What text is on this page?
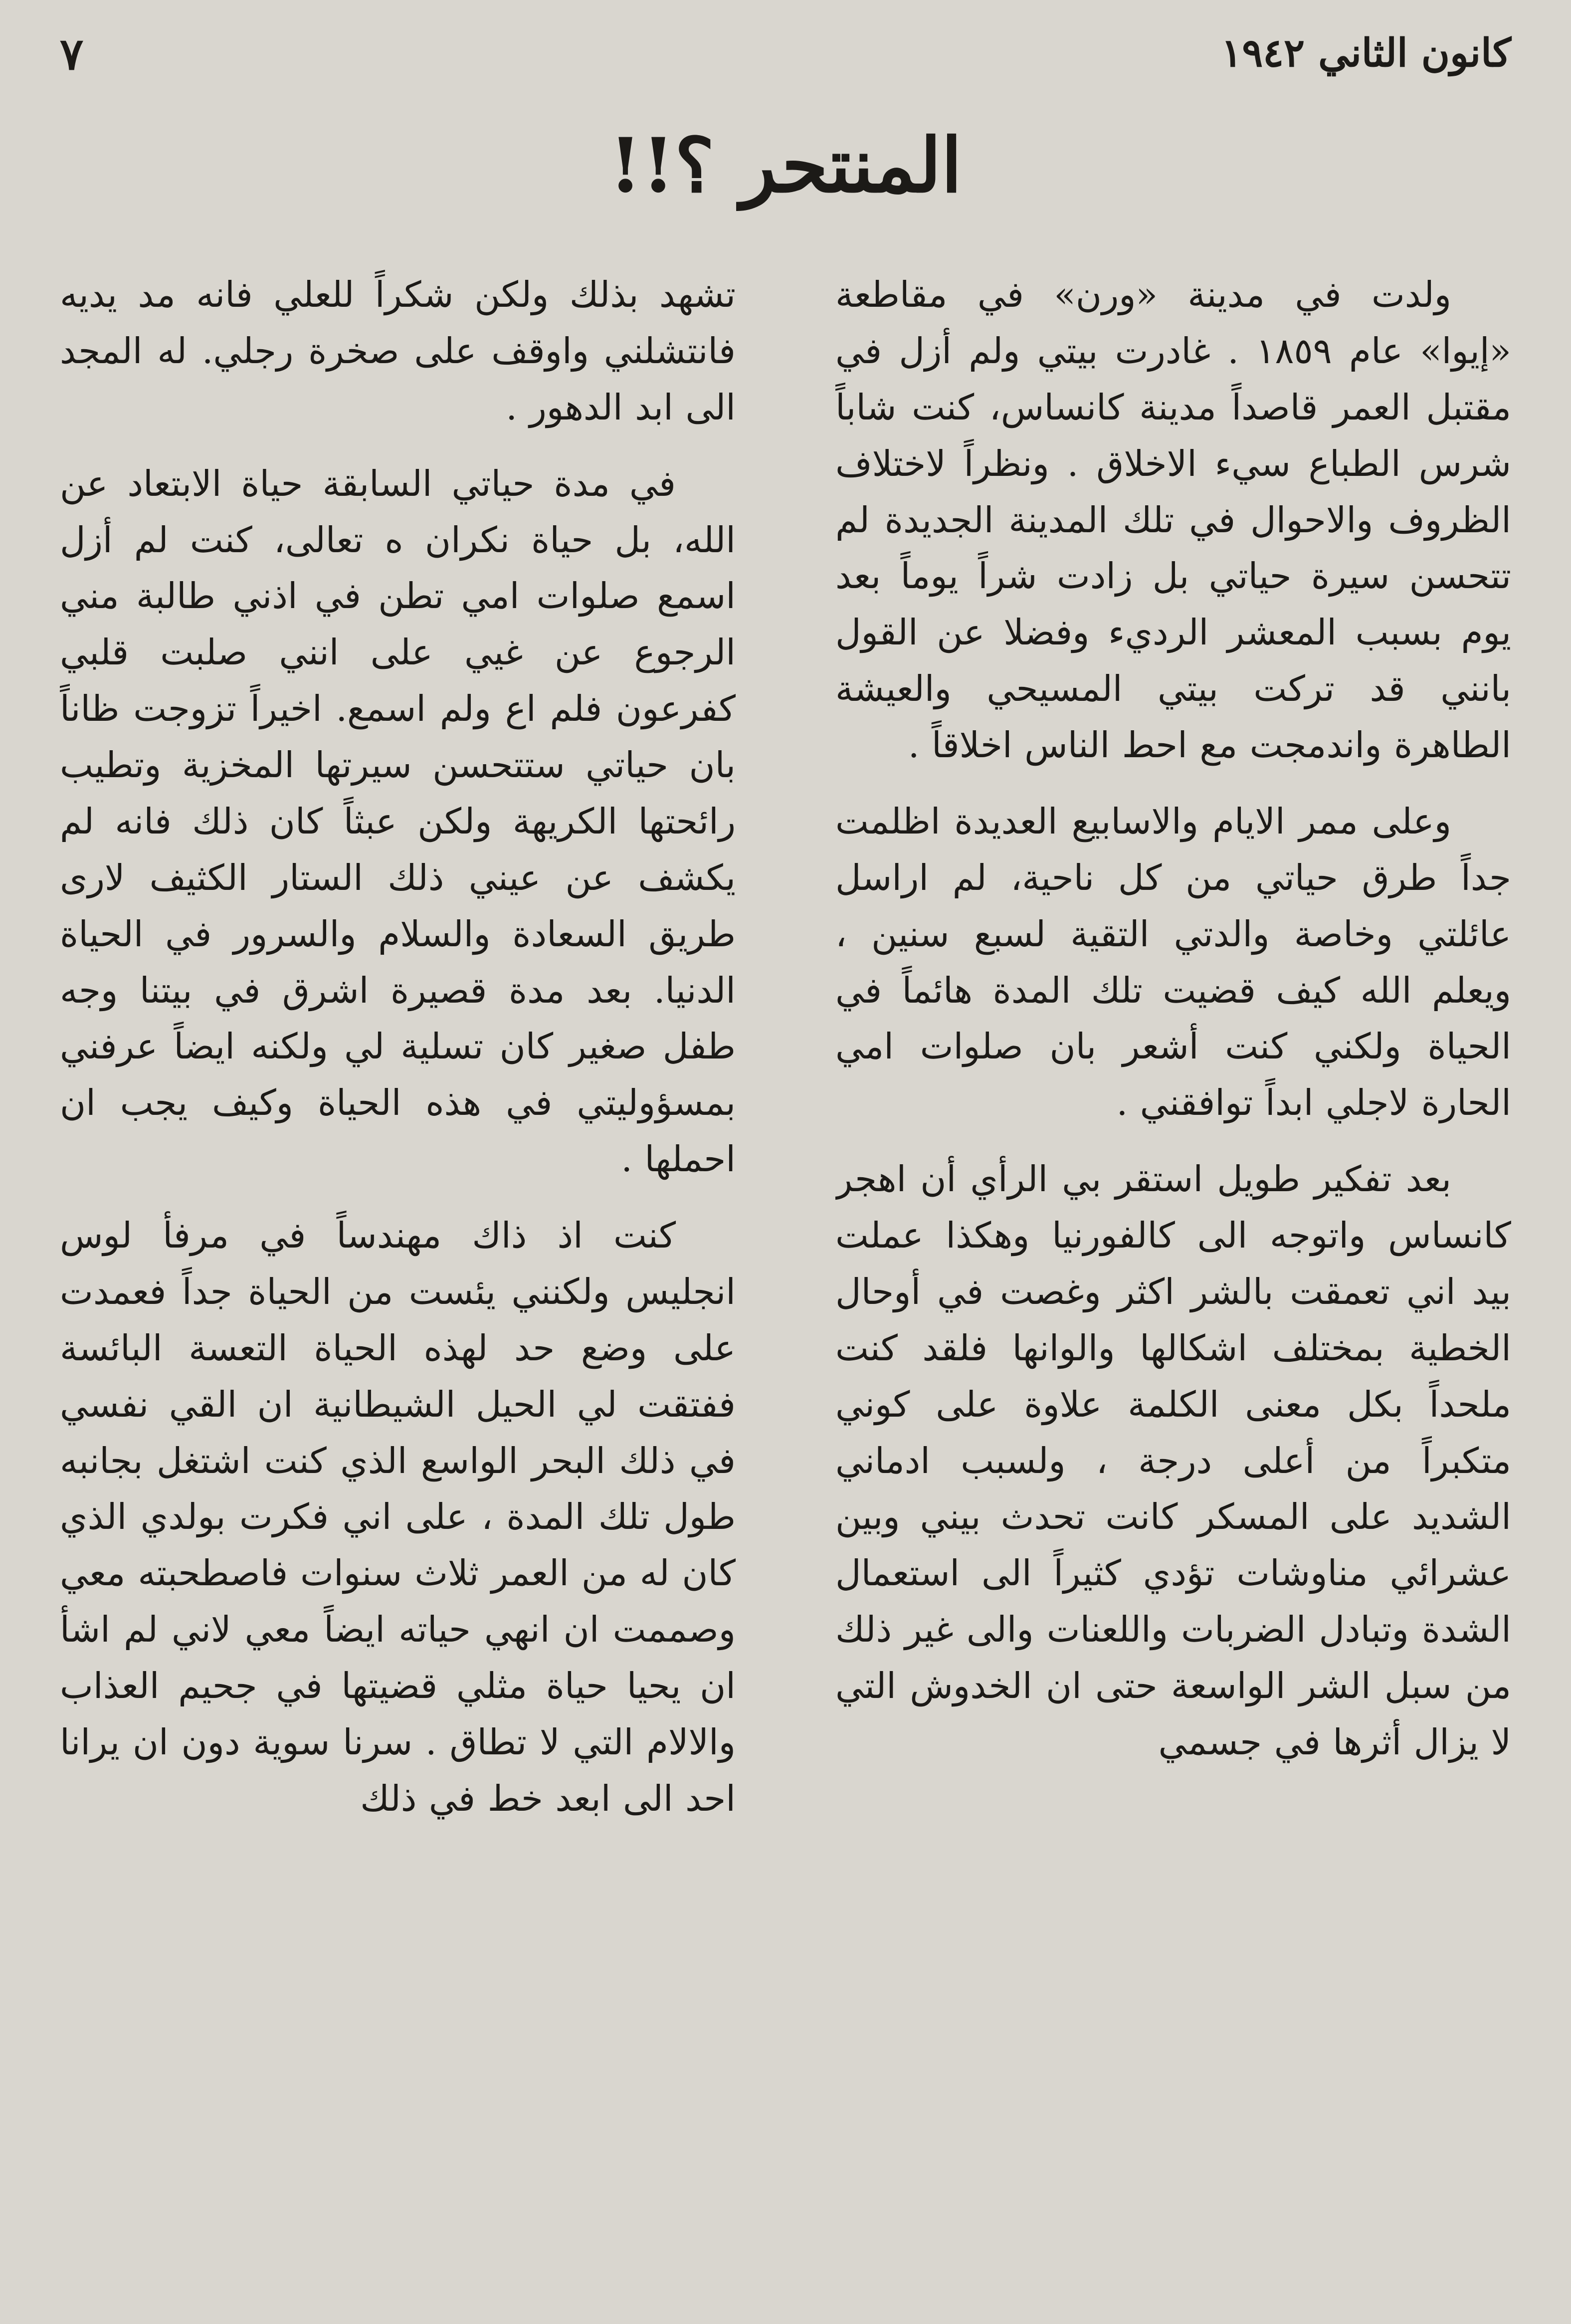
كانون الثاني ١٩٤٢
٧
المنتحر ؟!!

ولدت في مدينة «ورن» في مقاطعة «إيوا» عام ١٨٥٩ . غادرت بيتي ولم أزل في مقتبل العمر قاصداً مدينة كانساس، كنت شاباً شرس الطباع سيء الاخلاق . ونظراً لاختلاف الظروف والاحوال في تلك المدينة الجديدة لم تتحسن سيرة حياتي بل زادت شراً يوماً بعد يوم بسبب المعشر الرديء وفضلا عن القول بانني قد تركت بيتي المسيحي والعيشة الطاهرة واندمجت مع احط الناس اخلاقاً .

وعلى ممر الايام والاسابيع العديدة اظلمت جداً طرق حياتي من كل ناحية، لم اراسل عائلتي وخاصة والدتي التقية لسبع سنين ، ويعلم الله كيف قضيت تلك المدة هائماً في الحياة ولكني كنت أشعر بان صلوات امي الحارة لاجلي ابداً توافقني .

بعد تفكير طويل استقر بي الرأي أن اهجر كانساس واتوجه الى كالفورنيا وهكذا عملت بيد اني تعمقت بالشر اكثر وغصت في أوحال الخطية بمختلف اشكالها والوانها فلقد كنت ملحداً بكل معنى الكلمة علاوة على كوني متكبراً من أعلى درجة ، ولسبب ادماني الشديد على المسكر كانت تحدث بيني وبين عشرائي مناوشات تؤدي كثيراً الى استعمال الشدة وتبادل الضربات واللعنات والى غير ذلك من سبل الشر الواسعة حتى ان الخدوش التي لا يزال أثرها في جسمي

تشهد بذلك ولكن شكراً للعلي فانه مد يديه فانتشلني واوقف على صخرة رجلي. له المجد الى ابد الدهور .

في مدة حياتي السابقة حياة الابتعاد عن الله، بل حياة نكران ه تعالى، كنت لم أزل اسمع صلوات امي تطن في اذني طالبة مني الرجوع عن غيي على انني صلبت قلبي كفرعون فلم اع ولم اسمع. اخيراً تزوجت ظاناً بان حياتي ستتحسن سيرتها المخزية وتطيب رائحتها الكريهة ولكن عبثاً كان ذلك فانه لم يكشف عن عيني ذلك الستار الكثيف لارى طريق السعادة والسلام والسرور في الحياة الدنيا. بعد مدة قصيرة اشرق في بيتنا وجه طفل صغير كان تسلية لي ولكنه ايضاً عرفني بمسؤوليتي في هذه الحياة وكيف يجب ان احملها .

كنت اذ ذاك مهندساً في مرفأ لوس انجليس ولكنني يئست من الحياة جداً فعمدت على وضع حد لهذه الحياة التعسة البائسة ففتقت لي الحيل الشيطانية ان القي نفسي في ذلك البحر الواسع الذي كنت اشتغل بجانبه طول تلك المدة ، على اني فكرت بولدي الذي كان له من العمر ثلاث سنوات فاصطحبته معي وصممت ان انهي حياته ايضاً معي لاني لم اشأ ان يحيا حياة مثلي قضيتها في جحيم العذاب والالام التي لا تطاق . سرنا سوية دون ان يرانا احد الى ابعد خط في ذلك
